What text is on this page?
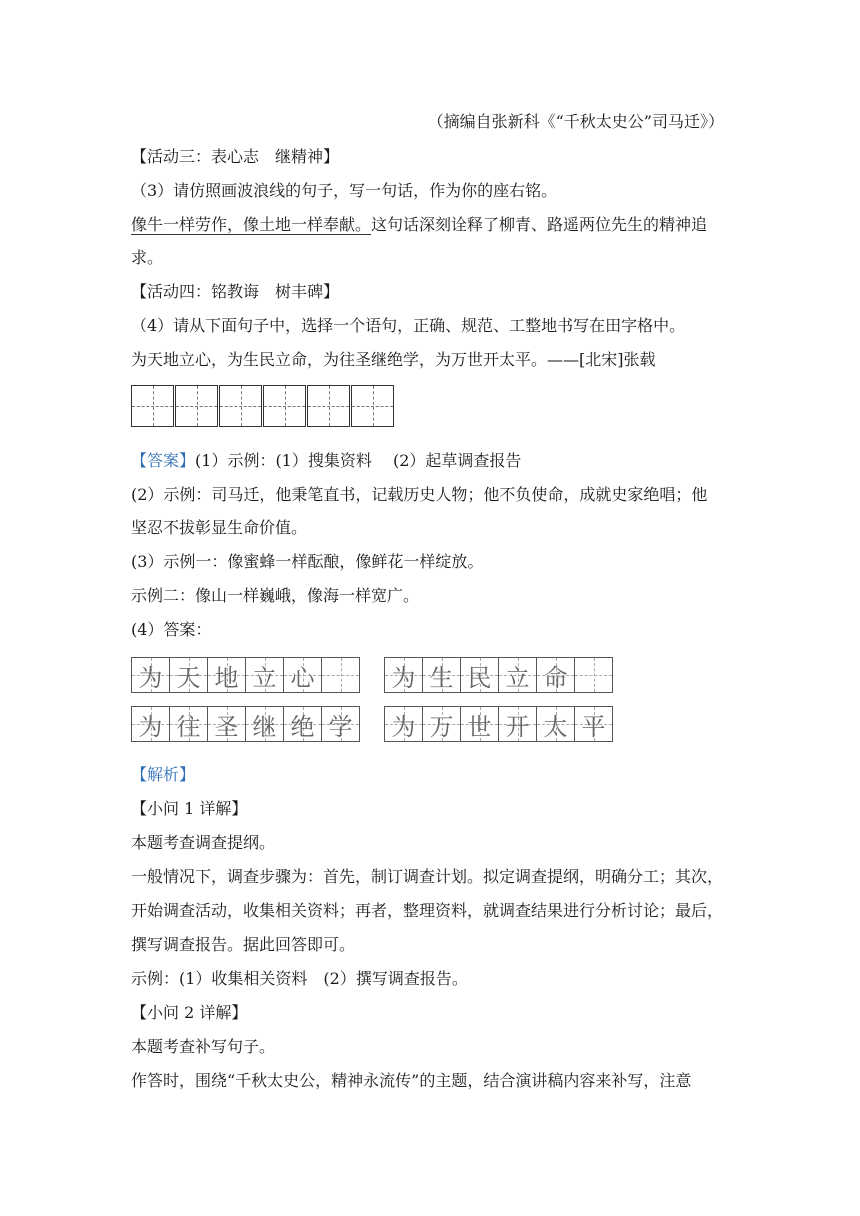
（摘编自张新科《“千秋太史公”司马迁》）
【活动三：表心志　继精神】
（3）请仿照画波浪线的句子，写一句话，作为你的座右铭。
像牛一样劳作，像土地一样奉献。这句话深刻诠释了柳青、路遥两位先生的精神追
求。
【活动四：铭教诲　树丰碑】
（4）请从下面句子中，选择一个语句，正确、规范、工整地书写在田字格中。
为天地立心，为生民立命，为往圣继绝学，为万世开太平。——[北宋]张载
【答案】(1）示例：(1）搜集资料　 (2）起草调查报告
(2）示例：司马迁，他秉笔直书，记载历史人物；他不负使命，成就史家绝唱；他
坚忍不拔彰显生命价值。
(3）示例一：像蜜蜂一样酝酿，像鲜花一样绽放。
示例二：像山一样巍峨，像海一样宽广。
(4）答案：
为 天 地 立 心	为 生 民 立 命
为 往 圣 继 绝 学 为 万 世 开 太 平
【解析】
【小问 1 详解】
本题考查调查提纲。
一般情况下，调查步骤为：首先，制订调查计划。拟定调查提纲，明确分工；其次，
开始调查活动，收集相关资料；再者，整理资料，就调查结果进行分析讨论；最后，
撰写调查报告。据此回答即可。
示例：(1）收集相关资料　(2）撰写调查报告。
【小问 2 详解】
本题考查补写句子。
作答时，围绕“千秋太史公，精神永流传”的主题，结合演讲稿内容来补写，注意
